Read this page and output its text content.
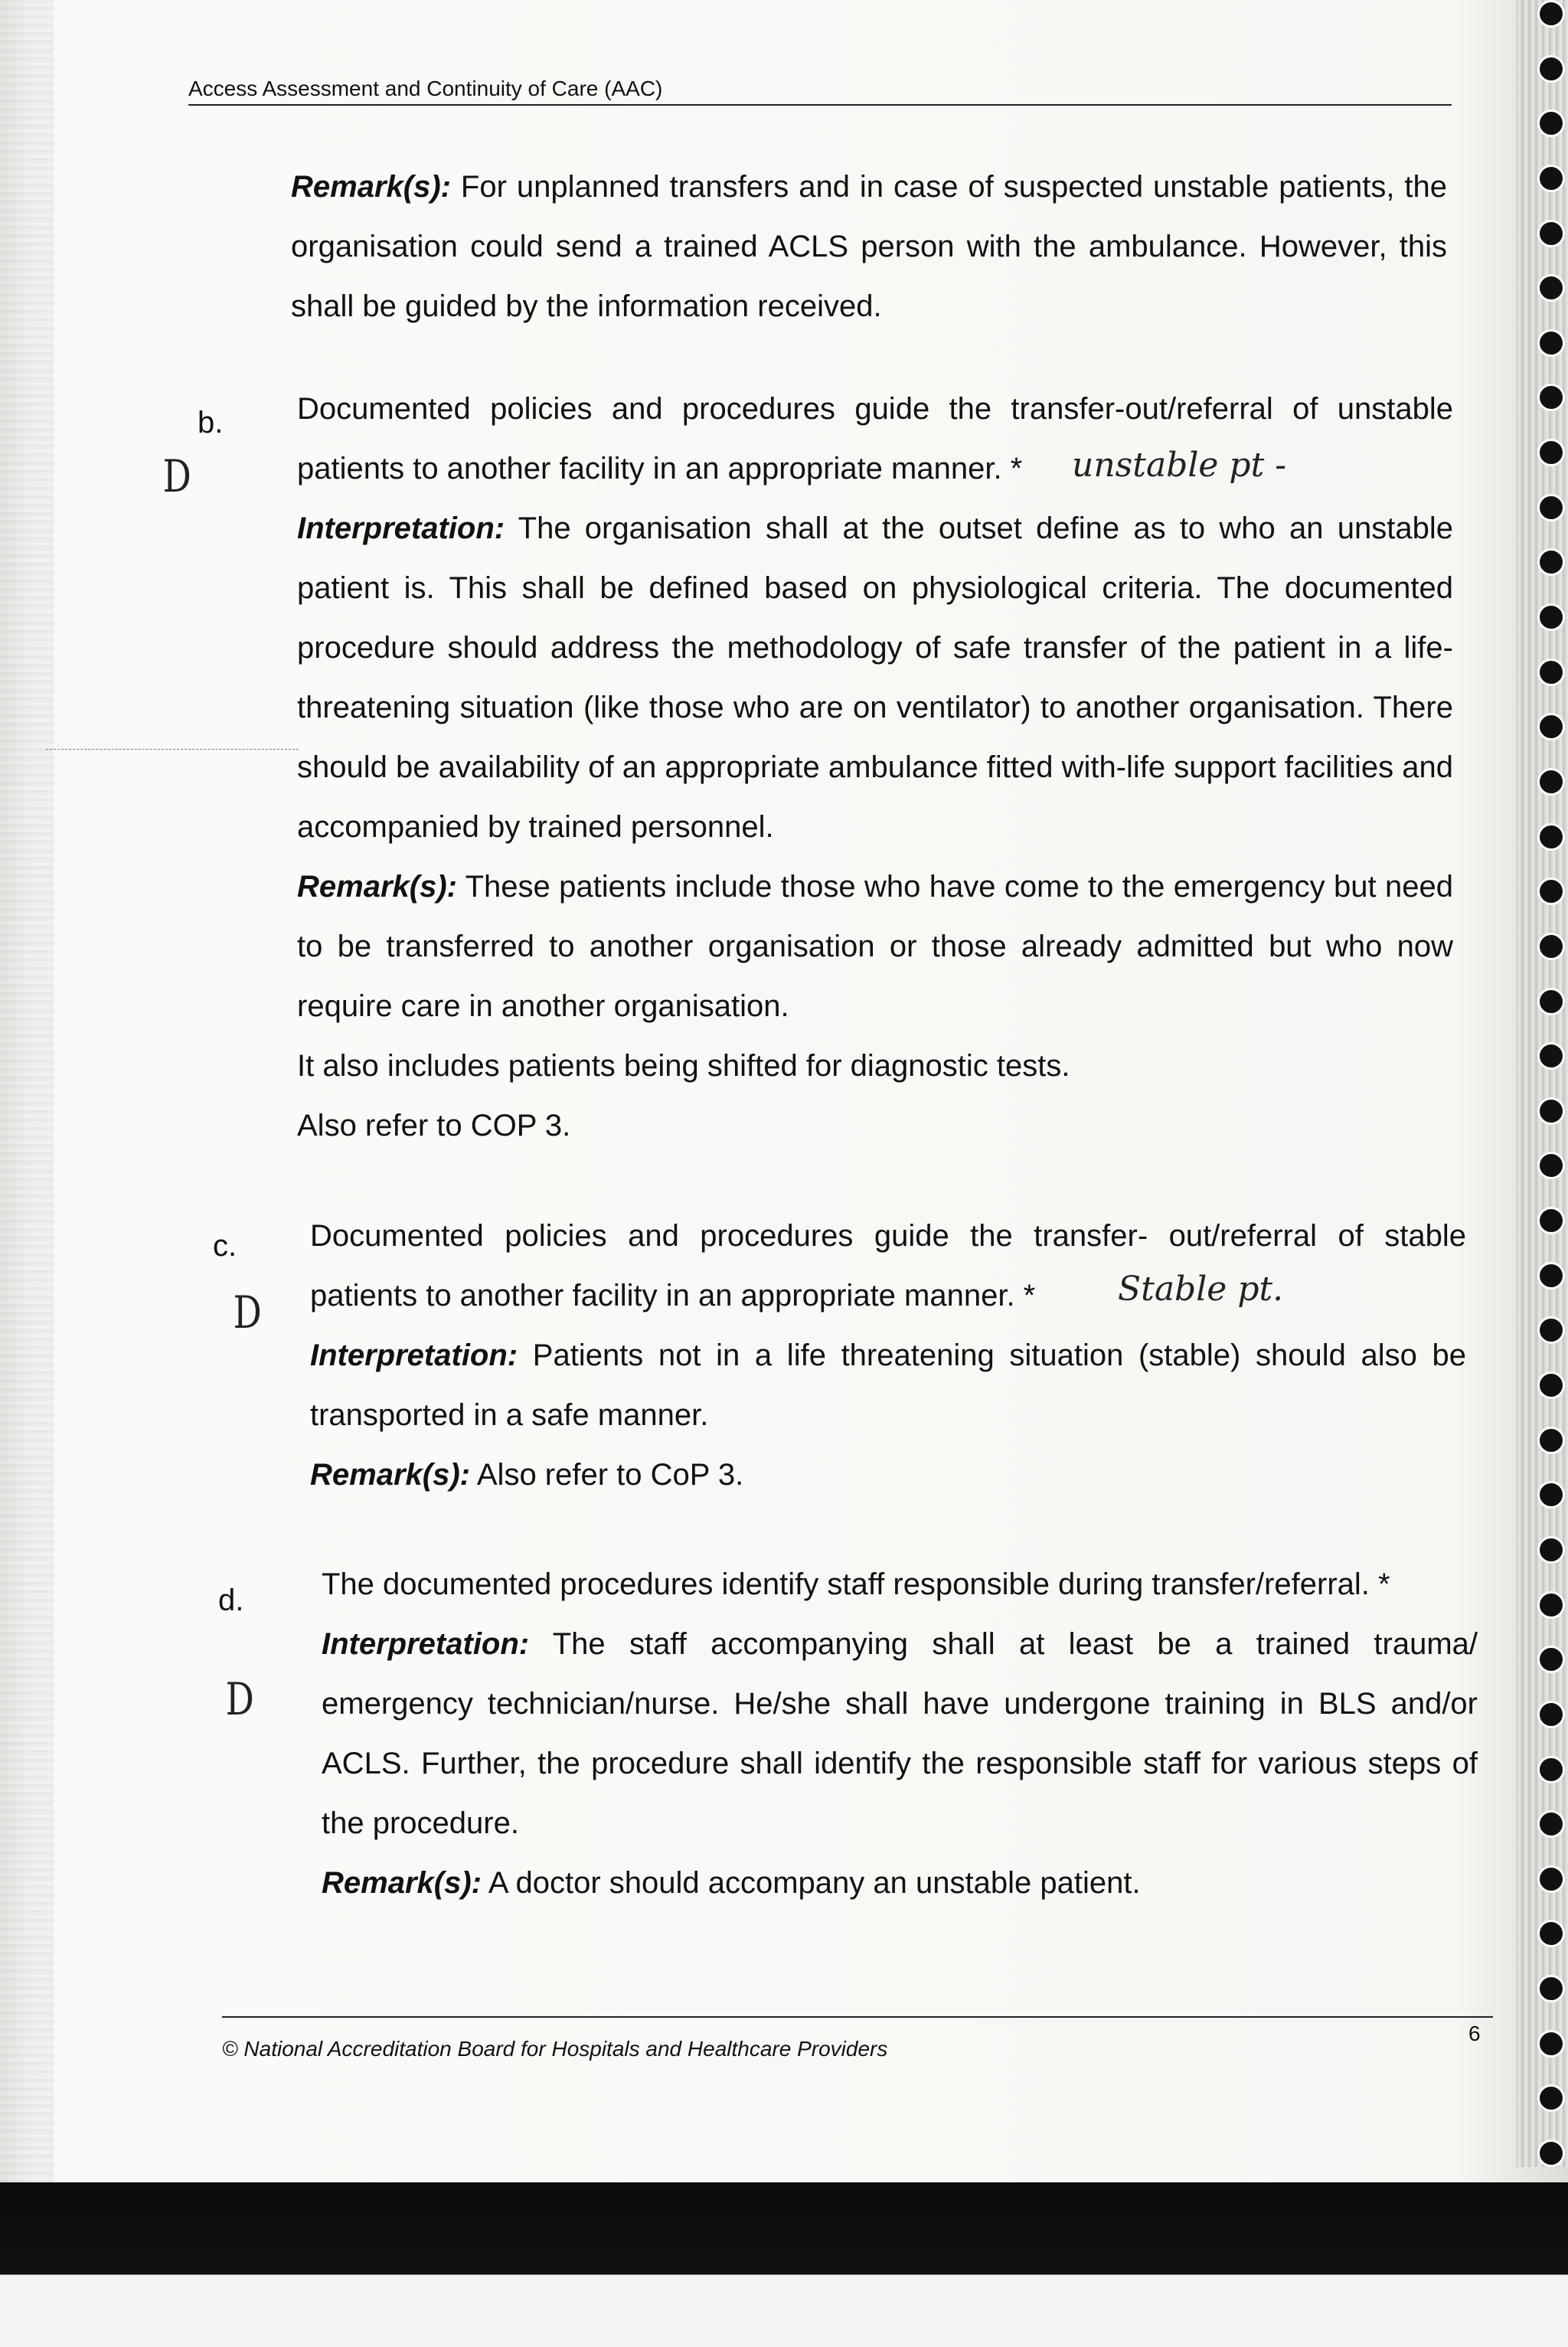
Access Assessment and Continuity of Care (AAC)
Remark(s): For unplanned transfers and in case of suspected unstable patients, the organisation could send a trained ACLS person with the ambulance. However, this shall be guided by the information received.
b.
D	unstable pt -
Documented policies and procedures guide the transfer-out/referral of unstable patients to another facility in an appropriate manner. *
Interpretation: The organisation shall at the outset define as to who an unstable patient is. This shall be defined based on physiological criteria. The documented procedure should address the methodology of safe transfer of the patient in a life-threatening situation (like those who are on ventilator) to another organisation. There should be availability of an appropriate ambulance fitted with-life support facilities and accompanied by trained personnel.
Remark(s): These patients include those who have come to the emergency but need to be transferred to another organisation or those already admitted but who now require care in another organisation.
It also includes patients being shifted for diagnostic tests.
Also refer to COP 3.
c.
D	Stable pt.
Documented policies and procedures guide the transfer- out/referral of stable patients to another facility in an appropriate manner. *
Interpretation: Patients not in a life threatening situation (stable) should also be transported in a safe manner.
Remark(s): Also refer to CoP 3.
d.
D
The documented procedures identify staff responsible during transfer/referral. *
Interpretation: The staff accompanying shall at least be a trained trauma/ emergency technician/nurse. He/she shall have undergone training in BLS and/or ACLS. Further, the procedure shall identify the responsible staff for various steps of the procedure.
Remark(s): A doctor should accompany an unstable patient.
© National Accreditation Board for Hospitals and Healthcare Providers
6
